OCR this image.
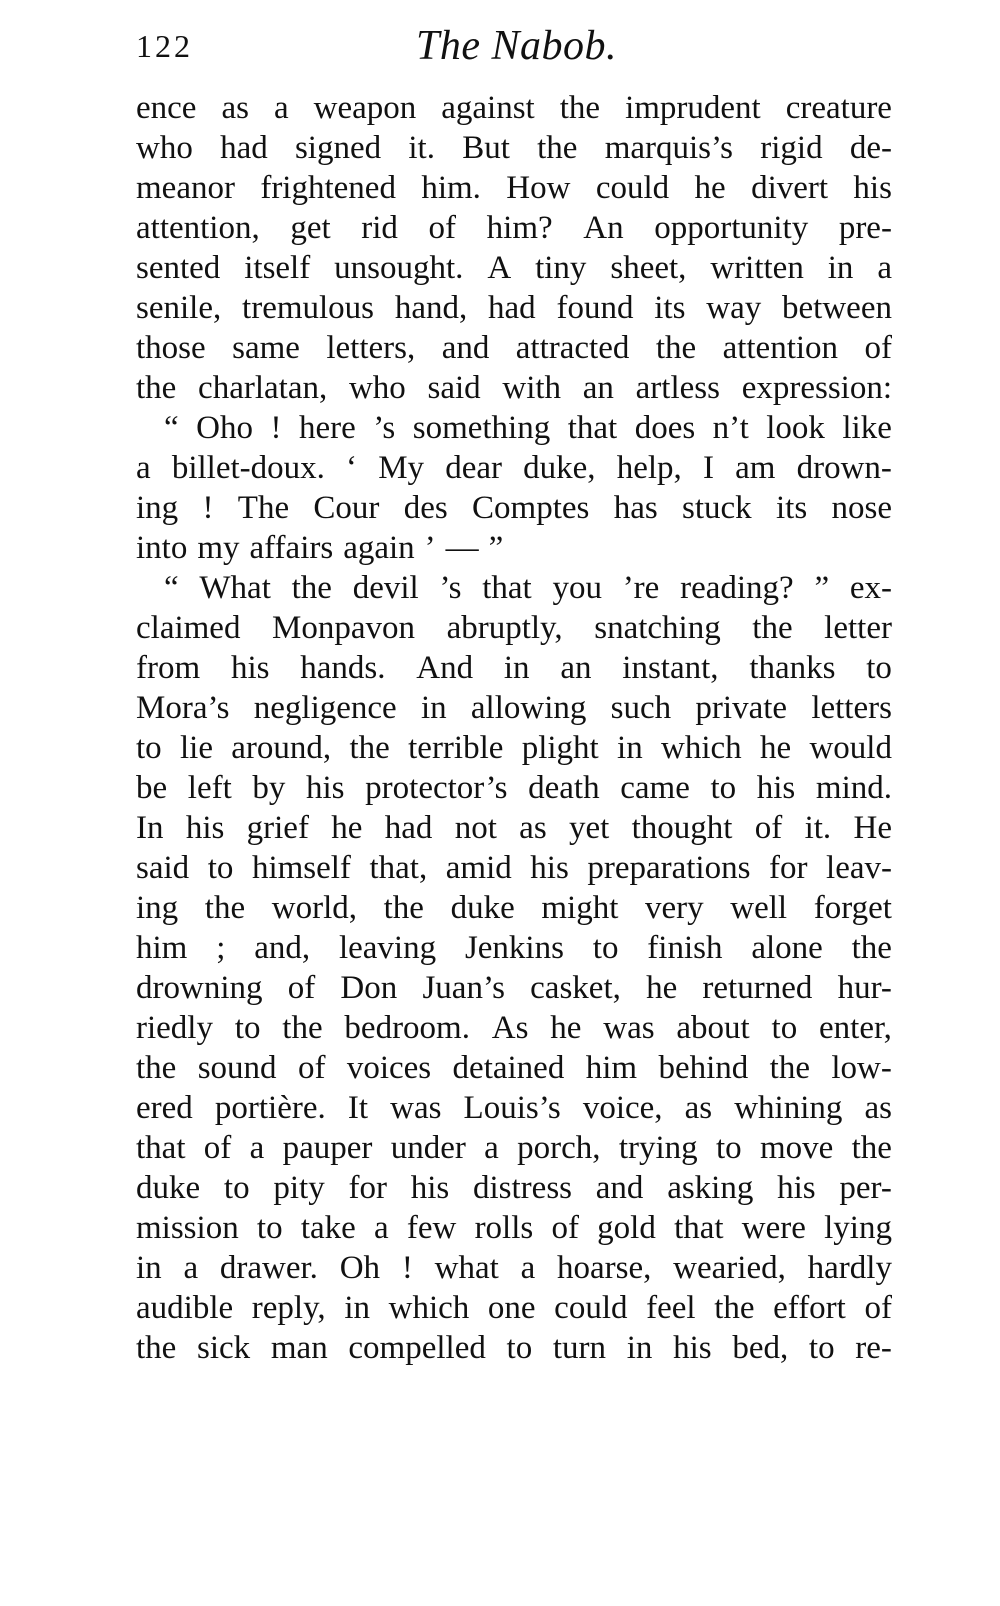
122	The Nabob.
ence as a weapon against the imprudent creature
who had signed it. But the marquis’s rigid de-
meanor frightened him. How could he divert his
attention, get rid of him? An opportunity pre-
sented itself unsought. A tiny sheet, written in a
senile, tremulous hand, had found its way between
those same letters, and attracted the attention of
the charlatan, who said with an artless expression:
“ Oho ! here ’s something that does n’t look like
a billet-doux. ‘ My dear duke, help, I am drown-
ing ! The Cour des Comptes has stuck its nose
into my affairs again ’ — ”
“ What the devil ’s that you ’re reading? ” ex-
claimed Monpavon abruptly, snatching the letter
from his hands. And in an instant, thanks to
Mora’s negligence in allowing such private letters
to lie around, the terrible plight in which he would
be left by his protector’s death came to his mind.
In his grief he had not as yet thought of it. He
said to himself that, amid his preparations for leav-
ing the world, the duke might very well forget
him ; and, leaving Jenkins to finish alone the
drowning of Don Juan’s casket, he returned hur-
riedly to the bedroom. As he was about to enter,
the sound of voices detained him behind the low-
ered portière. It was Louis’s voice, as whining as
that of a pauper under a porch, trying to move the
duke to pity for his distress and asking his per-
mission to take a few rolls of gold that were lying
in a drawer. Oh ! what a hoarse, wearied, hardly
audible reply, in which one could feel the effort of
the sick man compelled to turn in his bed, to re-
